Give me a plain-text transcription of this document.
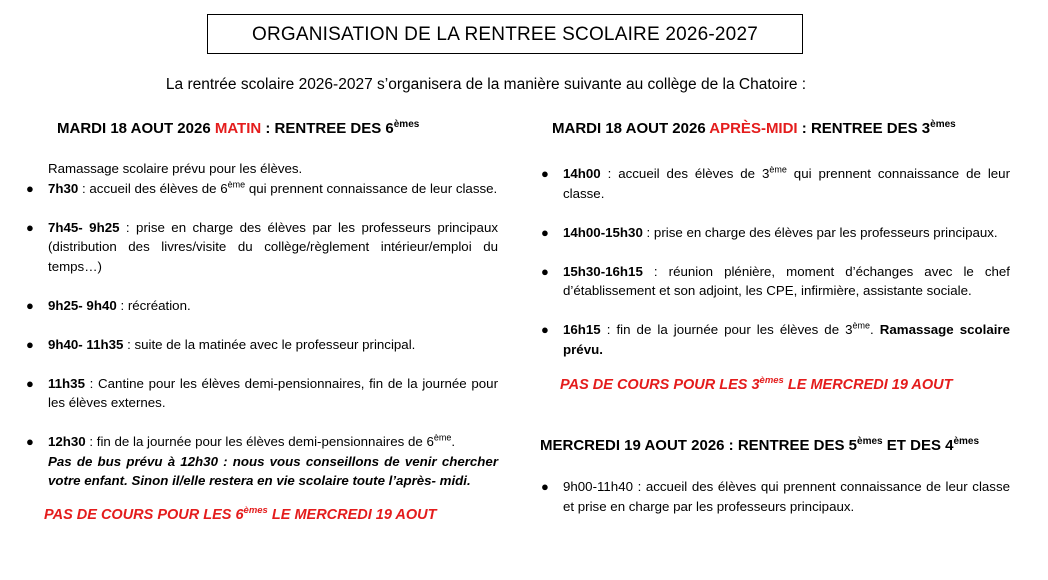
ORGANISATION DE LA RENTREE SCOLAIRE 2026-2027
La rentrée scolaire 2026-2027 s’organisera de la manière suivante au collège de la Chatoire :
MARDI 18 AOUT 2026 MATIN : RENTREE DES 6èmes
Ramassage scolaire prévu pour les élèves.
● 7h30 : accueil des élèves de 6ème qui prennent connaissance de leur classe.
● 7h45- 9h25 : prise en charge des élèves par les professeurs principaux (distribution des livres/visite du collège/règlement intérieur/emploi du temps…)
● 9h25- 9h40 : récréation.
● 9h40- 11h35 : suite de la matinée avec le professeur principal.
● 11h35 : Cantine pour les élèves demi-pensionnaires, fin de la journée pour les élèves externes.
● 12h30 : fin de la journée pour les élèves demi-pensionnaires de 6ème.
Pas de bus prévu à 12h30 : nous vous conseillons de venir chercher votre enfant. Sinon il/elle restera en vie scolaire toute l’après- midi.
PAS DE COURS POUR LES 6èmes LE MERCREDI 19 AOUT
MARDI 18 AOUT 2026 APRÈS-MIDI : RENTREE DES 3èmes
● 14h00 : accueil des élèves de 3ème qui prennent connaissance de leur classe.
● 14h00-15h30 : prise en charge des élèves par les professeurs principaux.
● 15h30-16h15 : réunion plénière, moment d’échanges avec le chef d’établissement et son adjoint, les CPE, infirmière, assistante sociale.
● 16h15 : fin de la journée pour les élèves de 3ème. Ramassage scolaire prévu.
PAS DE COURS POUR LES 3èmes LE MERCREDI 19 AOUT
MERCREDI 19 AOUT 2026 : RENTREE DES 5èmes ET DES 4èmes
● 9h00-11h40 : accueil des élèves qui prennent connaissance de leur classe et prise en charge par les professeurs principaux.
